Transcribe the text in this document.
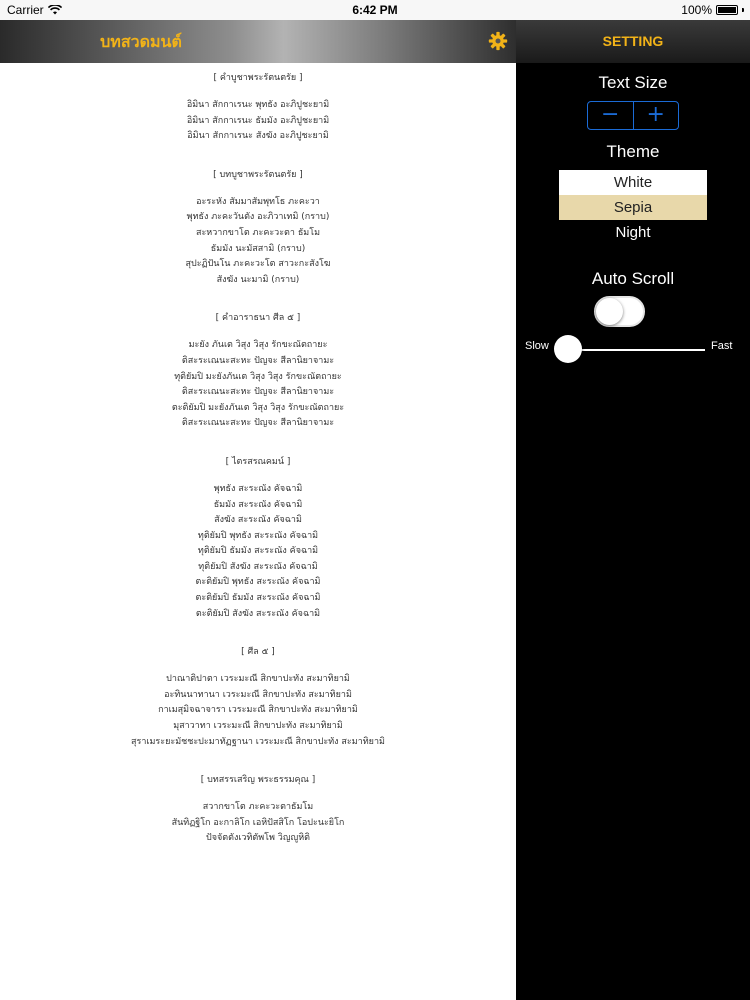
Carrier	6:42 PM	100%
บทสวดมนต์
[ คำบูชาพระรัตนตรัย ]
อิมินา สักกาเรนะ พุทธัง อะภิปูชะยามิ
อิมินา สักกาเรนะ ธัมมัง อะภิปูชะยามิ
อิมินา สักกาเรนะ สังฆัง อะภิปูชะยามิ
[ บทบูชาพระรัตนตรัย ]
อะระหัง สัมมาสัมพุทโธ ภะคะวา
พุทธัง ภะคะวันตัง อะภิวาเทมิ (กราบ)
สะหวากขาโต ภะคะวะตา ธัมโม
ธัมมัง นะมัสสามิ (กราบ)
สุปะฏิปันโน ภะคะวะโต สาวะกะสังโฆ
สังฆัง นะมามิ (กราบ)
[ คำอาราธนา ศีล ๕ ]
มะยัง ภันเต วิสุง วิสุง รักขะณัตถายะ
ติสะระเณนะสะหะ ปัญจะ สีลานิยาจามะ
ทุติยัมปิ มะยังภันเต วิสุง วิสุง รักขะณัตถายะ
ติสะระเณนะสะหะ ปัญจะ สีลานิยาจามะ
ตะติยัมปิ มะยังภันเต วิสุง วิสุง รักขะณัตถายะ
ติสะระเณนะสะหะ ปัญจะ สีลานิยาจามะ
[ ไตรสรณคมน์ ]
พุทธัง สะระณัง คัจฉามิ
ธัมมัง สะระณัง คัจฉามิ
สังฆัง สะระณัง คัจฉามิ
ทุติยัมปิ พุทธัง สะระณัง คัจฉามิ
ทุติยัมปิ ธัมมัง สะระณัง คัจฉามิ
ทุติยัมปิ สังฆัง สะระณัง คัจฉามิ
ตะติยัมปิ พุทธัง สะระณัง คัจฉามิ
ตะติยัมปิ ธัมมัง สะระณัง คัจฉามิ
ตะติยัมปิ สังฆัง สะระณัง คัจฉามิ
[ ศีล ๕ ]
ปาณาติปาตา เวระมะณี สิกขาปะทัง สะมาทิยามิ
อะทินนาทานา เวระมะณี สิกขาปะทัง สะมาทิยามิ
กาเมสุมิจฉาจารา เวระมะณี สิกขาปะทัง สะมาทิยามิ
มุสาวาทา เวระมะณี สิกขาปะทัง สะมาทิยามิ
สุราเมระยะมัชชะปะมาทัฏฐานา เวระมะณี สิกขาปะทัง สะมาทิยามิ
[ บทสรรเสริญ พระธรรมคุณ ]
สวากขาโต ภะคะวะตาธัมโม
สันทิฏฐิโก อะกาลิโก เอหิปัสสิโก โอปะนะยิโก
ปัจจัตตังเวทิตัพโพ วิญญูหิติ
SETTING
Text Size
−	+
Theme
White
Sepia
Night
Auto Scroll
Slow	Fast
